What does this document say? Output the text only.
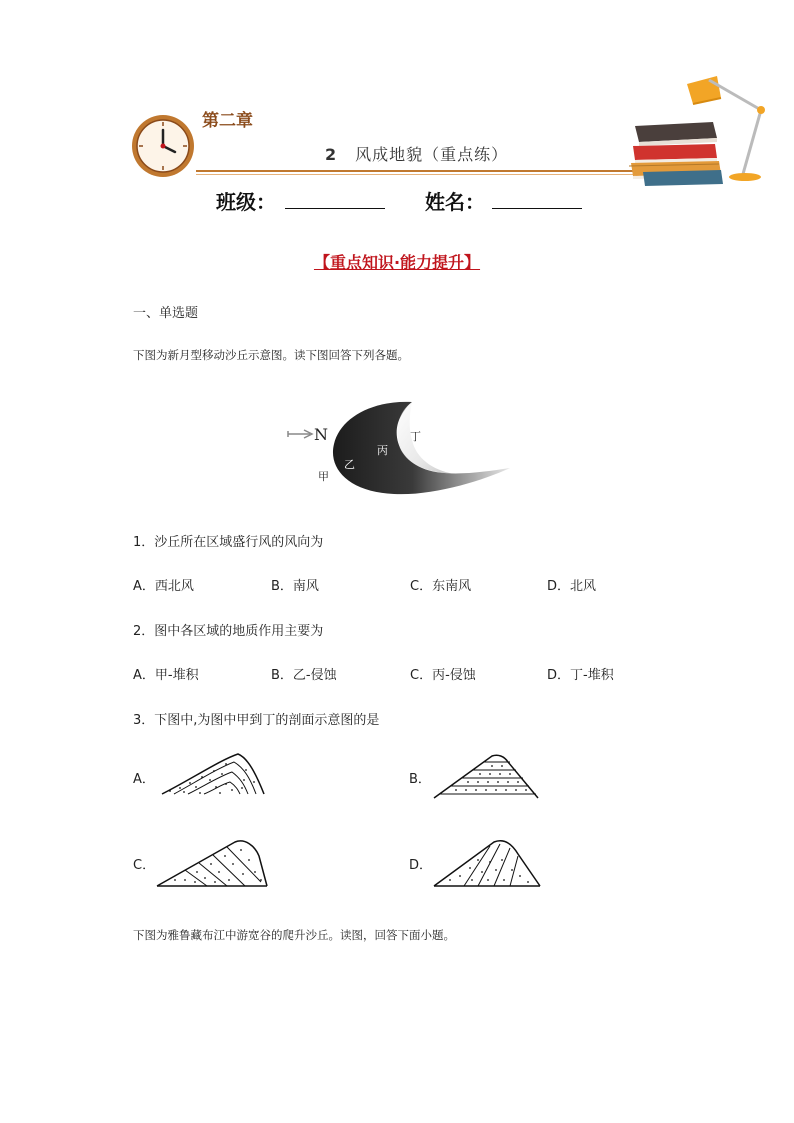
第二章
2 风成地貌（重点练）
班级：	姓名：
【重点知识·能力提升】
一、单选题
下图为新月型移动沙丘示意图。读下图回答下列各题。
N
甲
乙
丙
丁
1．沙丘所在区域盛行风的风向为
A．西北风	B．南风	C．东南风	D．北风
2．图中各区域的地质作用主要为
A．甲-堆积	B．乙-侵蚀	C．丙-侵蚀	D．丁-堆积
3．下图中,为图中甲到丁的剖面示意图的是
A．	B．
C．	D．
下图为雅鲁藏布江中游宽谷的爬升沙丘。读图，回答下面小题。
